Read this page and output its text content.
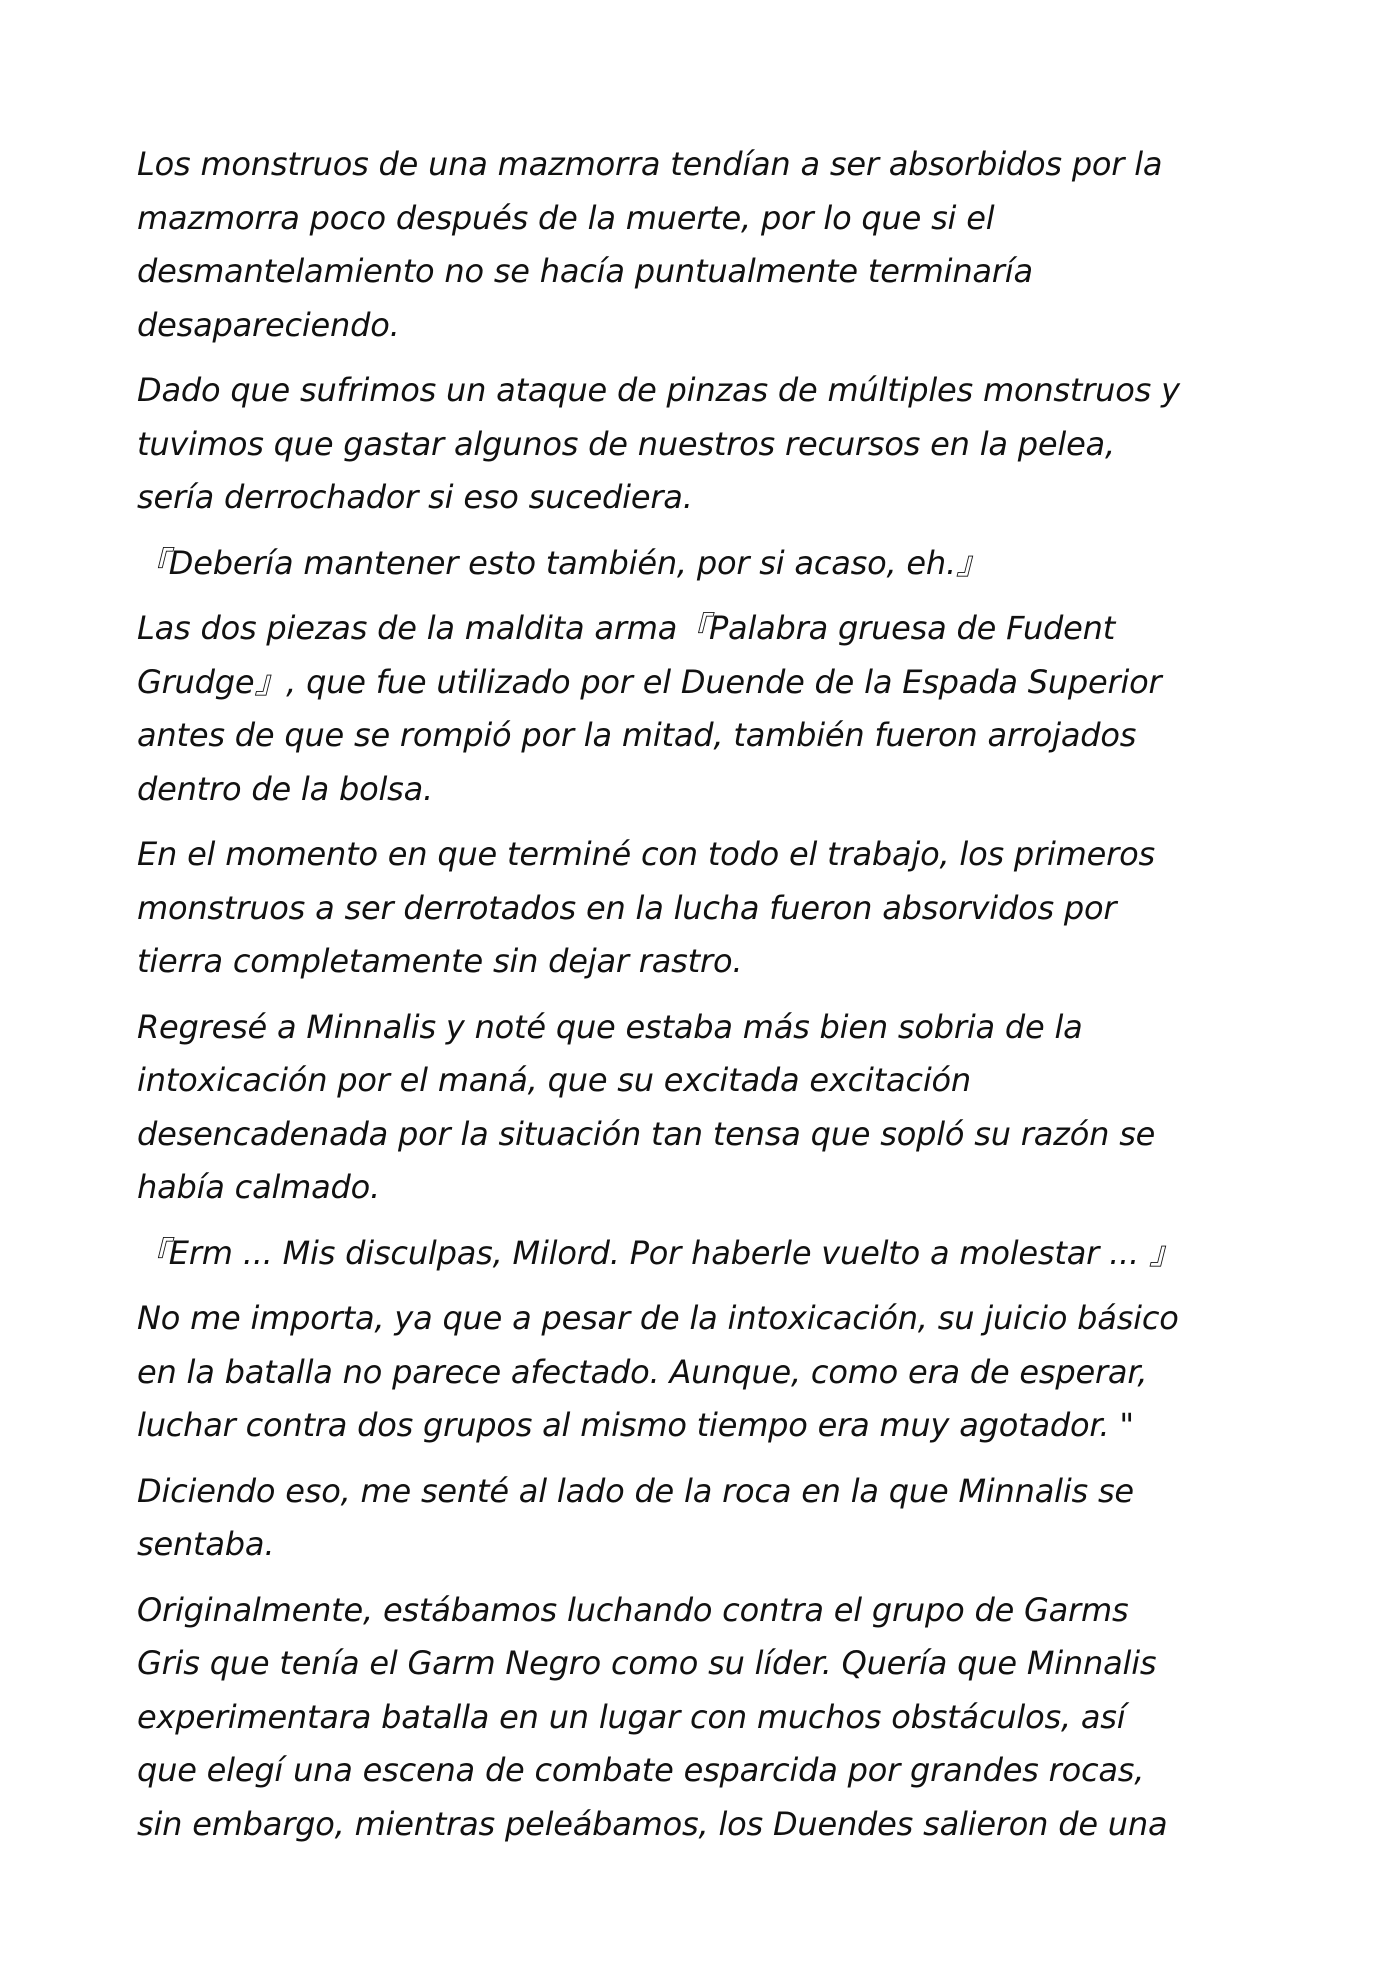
Los monstruos de una mazmorra tendían a ser absorbidos por la
mazmorra poco después de la muerte, por lo que si el
desmantelamiento no se hacía puntualmente terminaría
desapareciendo.

Dado que sufrimos un ataque de pinzas de múltiples monstruos y
tuvimos que gastar algunos de nuestros recursos en la pelea,
sería derrochador si eso sucediera.

『Debería mantener esto también, por si acaso, eh.』

Las dos piezas de la maldita arma『Palabra gruesa de Fudent
Grudge』, que fue utilizado por el Duende de la Espada Superior
antes de que se rompió por la mitad, también fueron arrojados
dentro de la bolsa.

En el momento en que terminé con todo el trabajo, los primeros
monstruos a ser derrotados en la lucha fueron absorvidos por
tierra completamente sin dejar rastro.

Regresé a Minnalis y noté que estaba más bien sobria de la
intoxicación por el maná, que su excitada excitación
desencadenada por la situación tan tensa que sopló su razón se
había calmado.

『Erm ... Mis disculpas, Milord. Por haberle vuelto a molestar ... 』

No me importa, ya que a pesar de la intoxicación, su juicio básico
en la batalla no parece afectado. Aunque, como era de esperar,
luchar contra dos grupos al mismo tiempo era muy agotador. "

Diciendo eso, me senté al lado de la roca en la que Minnalis se
sentaba.

Originalmente, estábamos luchando contra el grupo de Garms
Gris que tenía el Garm Negro como su líder. Quería que Minnalis
experimentara batalla en un lugar con muchos obstáculos, así
que elegí una escena de combate esparcida por grandes rocas,
sin embargo, mientras peleábamos, los Duendes salieron de una
